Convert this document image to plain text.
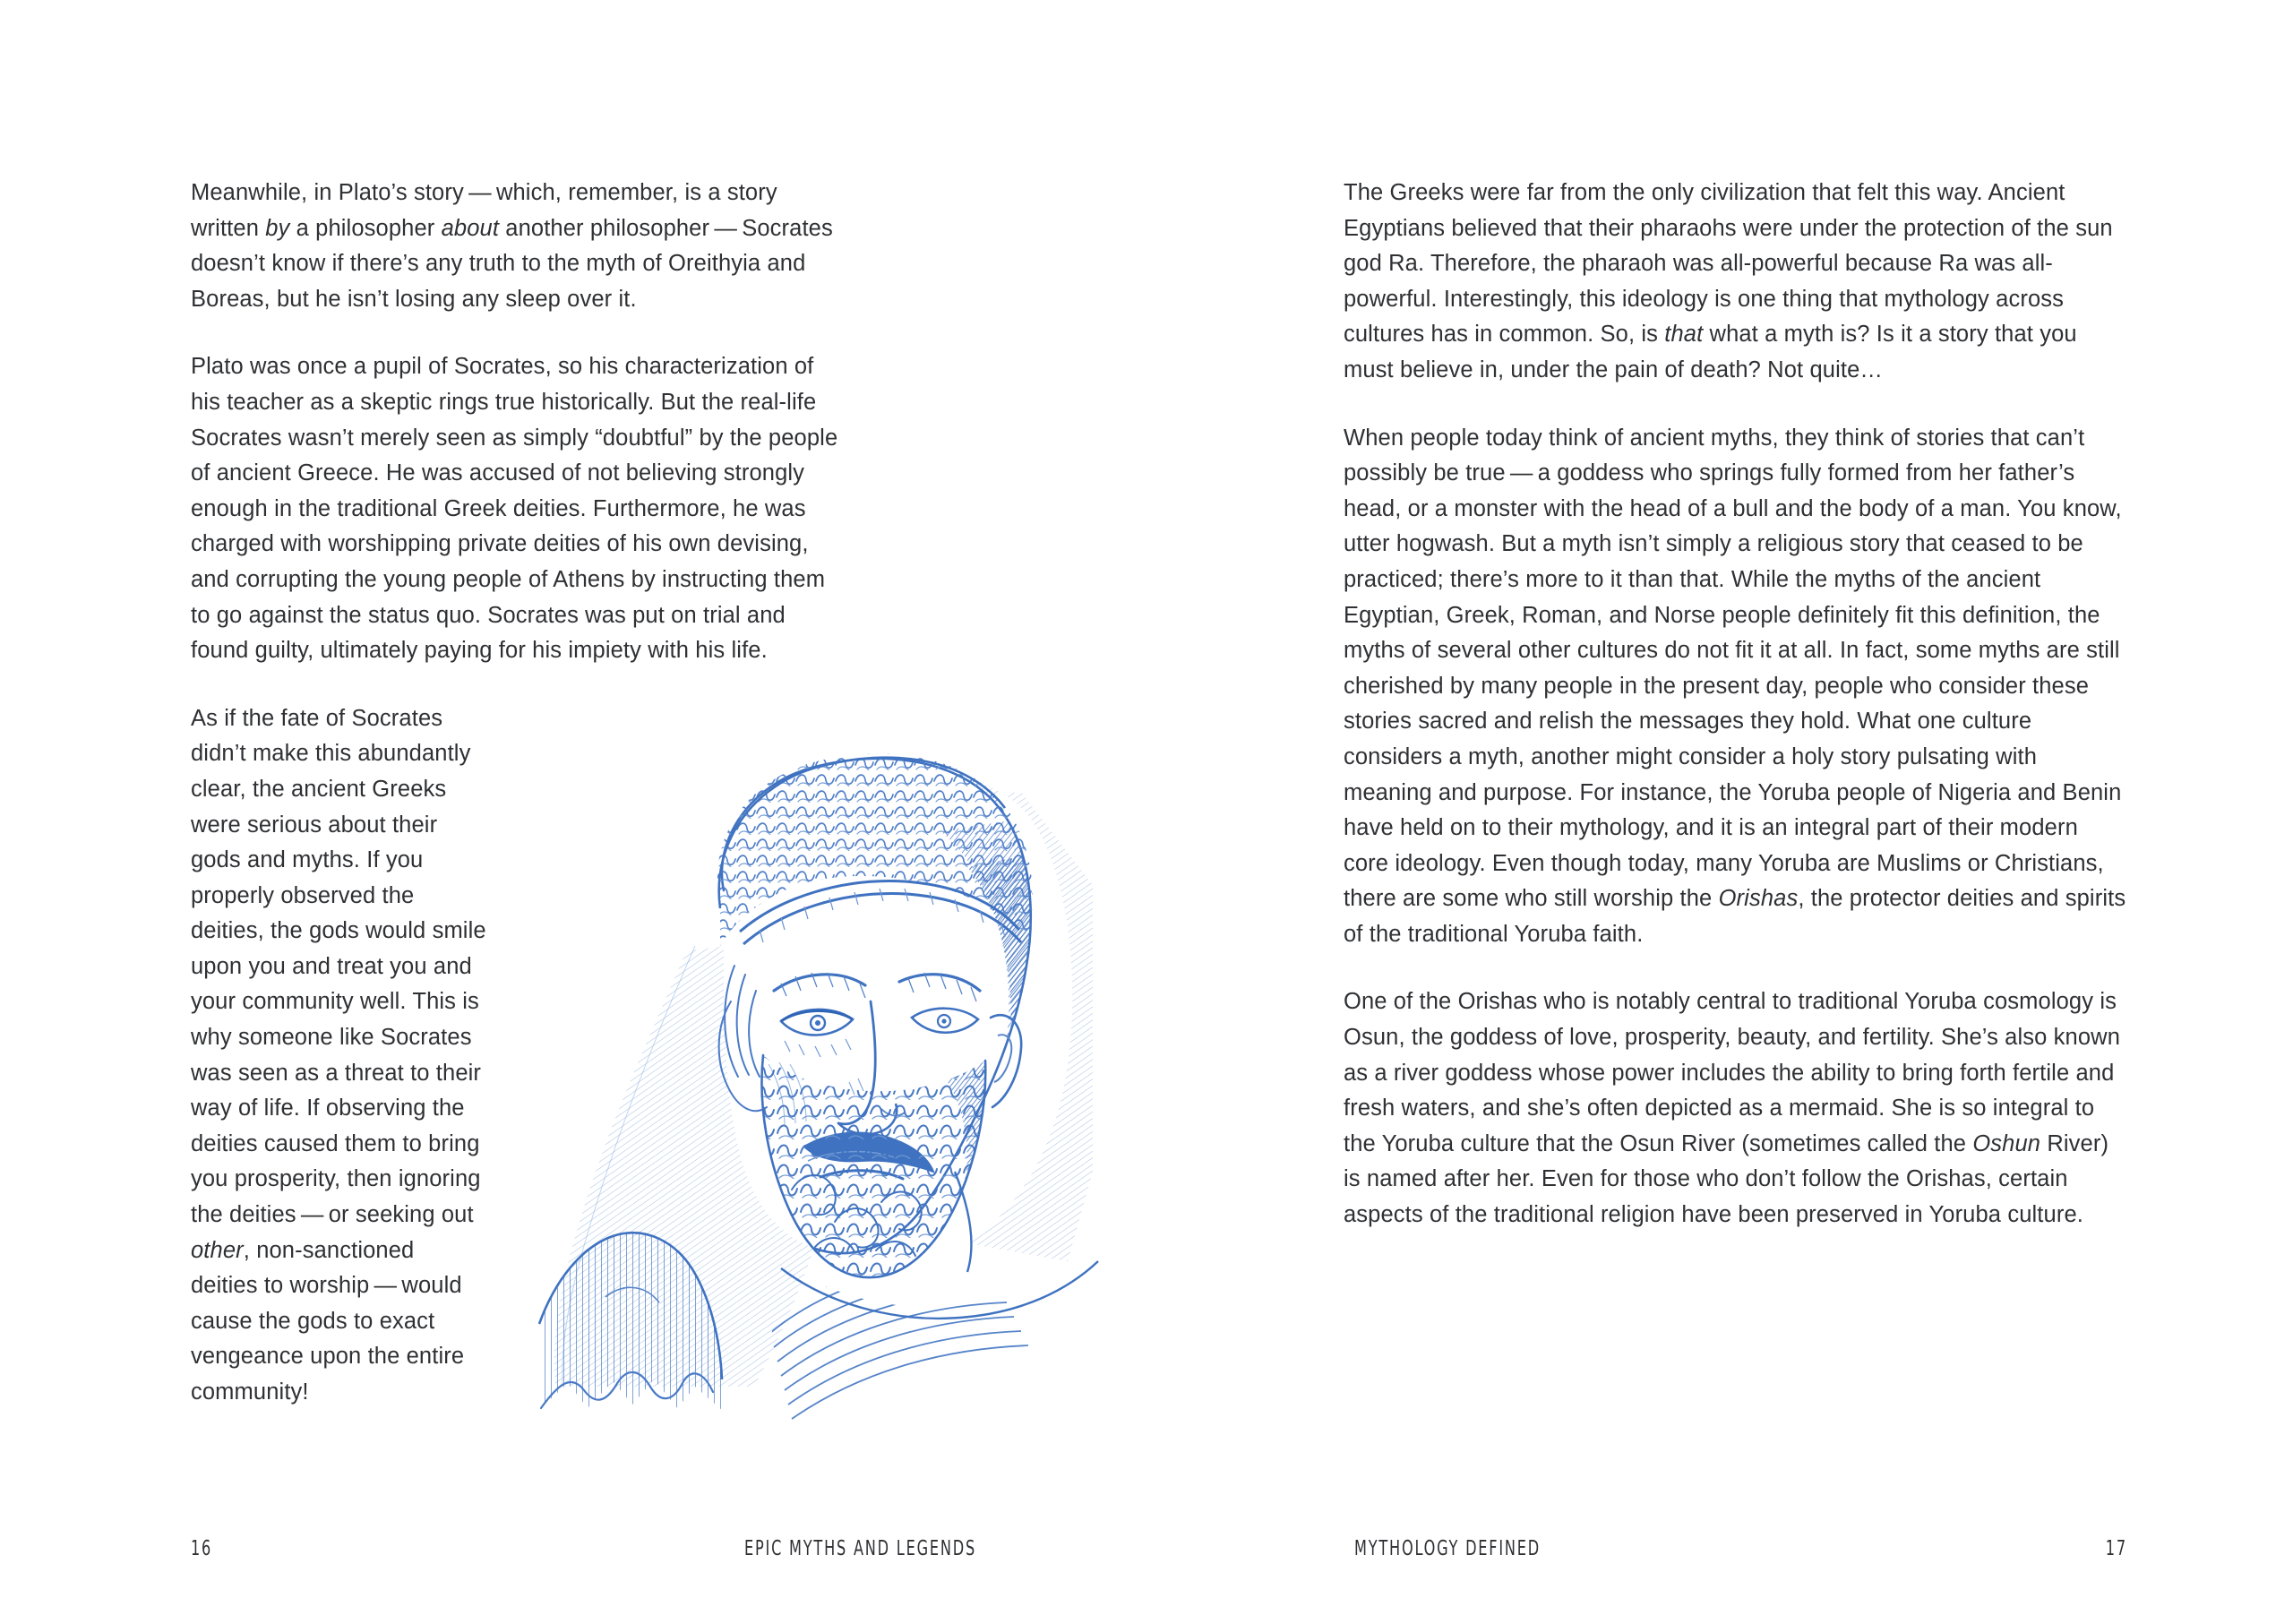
Meanwhile, in Plato’s story — which, remember, is a story written by a philosopher about another philosopher — Socrates doesn’t know if there’s any truth to the myth of Oreithyia and Boreas, but he isn’t losing any sleep over it.

Plato was once a pupil of Socrates, so his characterization of his teacher as a skeptic rings true historically. But the real-life Socrates wasn’t merely seen as simply “doubtful” by the people of ancient Greece. He was accused of not believing strongly enough in the traditional Greek deities. Furthermore, he was charged with worshipping private deities of his own devising, and corrupting the young people of Athens by instructing them to go against the status quo. Socrates was put on trial and found guilty, ultimately paying for his impiety with his life.

As if the fate of Socrates didn’t make this abundantly clear, the ancient Greeks were serious about their gods and myths. If you properly observed the deities, the gods would smile upon you and treat you and your community well. This is why someone like Socrates was seen as a threat to their way of life. If observing the deities caused them to bring you prosperity, then ignoring the deities — or seeking out other, non-sanctioned deities to worship — would cause the gods to exact vengeance upon the entire community!

16	EPIC MYTHS AND LEGENDS

The Greeks were far from the only civilization that felt this way. Ancient Egyptians believed that their pharaohs were under the protection of the sun god Ra. Therefore, the pharaoh was all-powerful because Ra was all-powerful. Interestingly, this ideology is one thing that mythology across cultures has in common. So, is that what a myth is? Is it a story that you must believe in, under the pain of death? Not quite…

When people today think of ancient myths, they think of stories that can’t possibly be true — a goddess who springs fully formed from her father’s head, or a monster with the head of a bull and the body of a man. You know, utter hogwash. But a myth isn’t simply a religious story that ceased to be practiced; there’s more to it than that. While the myths of the ancient Egyptian, Greek, Roman, and Norse people definitely fit this definition, the myths of several other cultures do not fit it at all. In fact, some myths are still cherished by many people in the present day, people who consider these stories sacred and relish the messages they hold. What one culture considers a myth, another might consider a holy story pulsating with meaning and purpose. For instance, the Yoruba people of Nigeria and Benin have held on to their mythology, and it is an integral part of their modern core ideology. Even though today, many Yoruba are Muslims or Christians, there are some who still worship the Orishas, the protector deities and spirits of the traditional Yoruba faith.

One of the Orishas who is notably central to traditional Yoruba cosmology is Osun, the goddess of love, prosperity, beauty, and fertility. She’s also known as a river goddess whose power includes the ability to bring forth fertile and fresh waters, and she’s often depicted as a mermaid. She is so integral to the Yoruba culture that the Osun River (sometimes called the Oshun River) is named after her. Even for those who don’t follow the Orishas, certain aspects of the traditional religion have been preserved in Yoruba culture.

MYTHOLOGY DEFINED	17
